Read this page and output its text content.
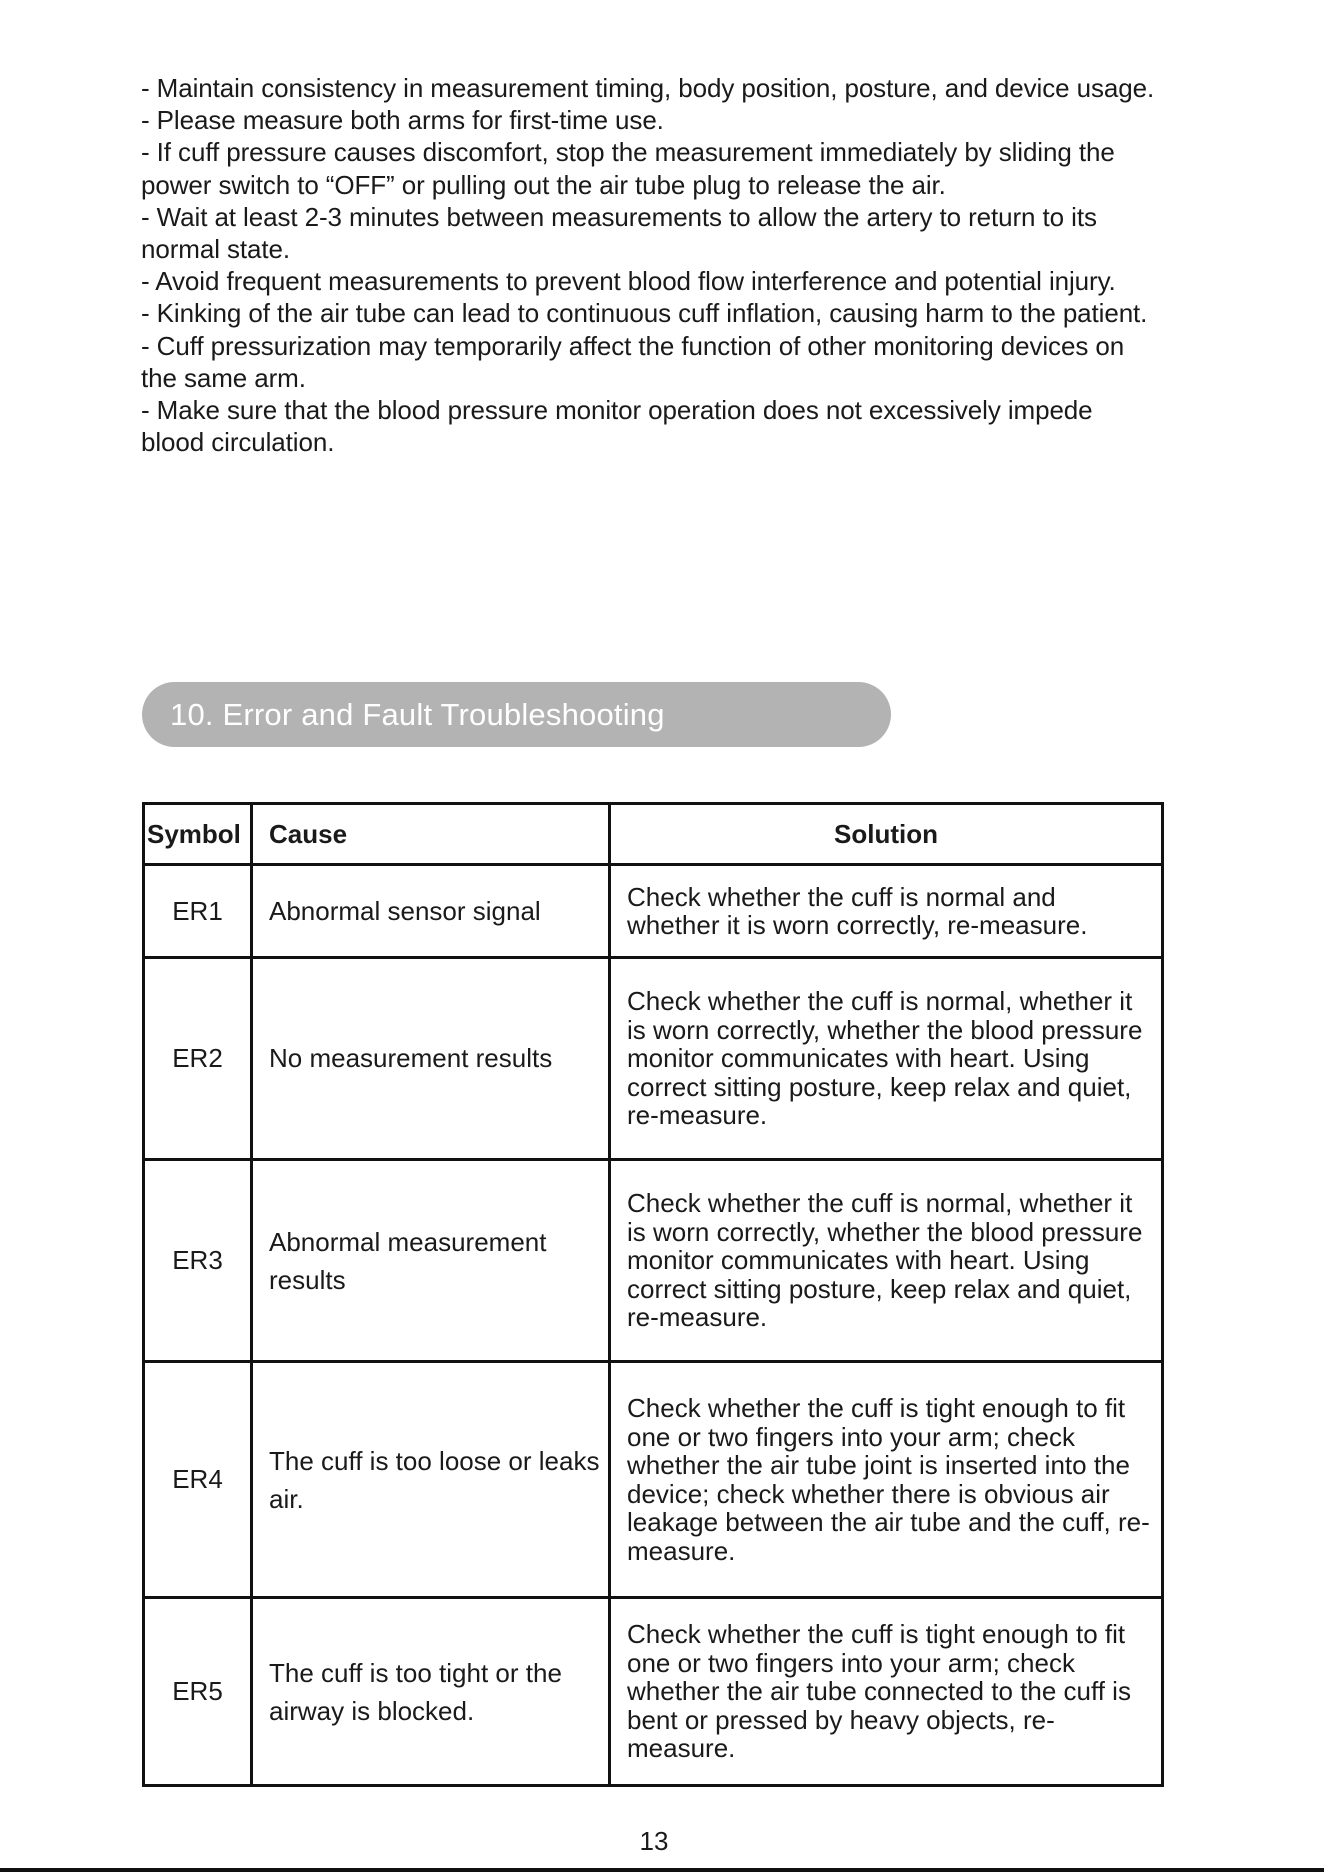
- Maintain consistency in measurement timing, body position, posture, and device usage.

- Please measure both arms for first-time use.

- If cuff pressure causes discomfort, stop the measurement immediately by sliding the power switch to “OFF” or pulling out the air tube plug to release the air.

- Wait at least 2-3 minutes between measurements to allow the artery to return to its normal state.

- Avoid frequent measurements to prevent blood flow interference and potential injury.

- Kinking of the air tube can lead to continuous cuff inflation, causing harm to the patient.

- Cuff pressurization may temporarily affect the function of other monitoring devices on the same arm.

- Make sure that the blood pressure monitor operation does not excessively impede blood circulation.

10. Error and Fault Troubleshooting
Symbol	Cause	Solution
ER1	Abnormal sensor signal	Check whether the cuff is normal and whether it is worn correctly, re-measure.
ER2	No measurement results	Check whether the cuff is normal, whether it is worn correctly, whether the blood pressure monitor communicates with heart. Using correct sitting posture, keep relax and quiet, re-measure.
ER3	Abnormal measurement results	Check whether the cuff is normal, whether it is worn correctly, whether the blood pressure monitor communicates with heart. Using correct sitting posture, keep relax and quiet, re-measure.
ER4	The cuff is too loose or leaks air.	Check whether the cuff is tight enough to fit one or two fingers into your arm; check whether the air tube joint is inserted into the device; check whether there is obvious air leakage between the air tube and the cuff, re-measure.
ER5	The cuff is too tight or the airway is blocked.	Check whether the cuff is tight enough to fit one or two fingers into your arm; check whether the air tube connected to the cuff is bent or pressed by heavy objects, re-measure.
13
